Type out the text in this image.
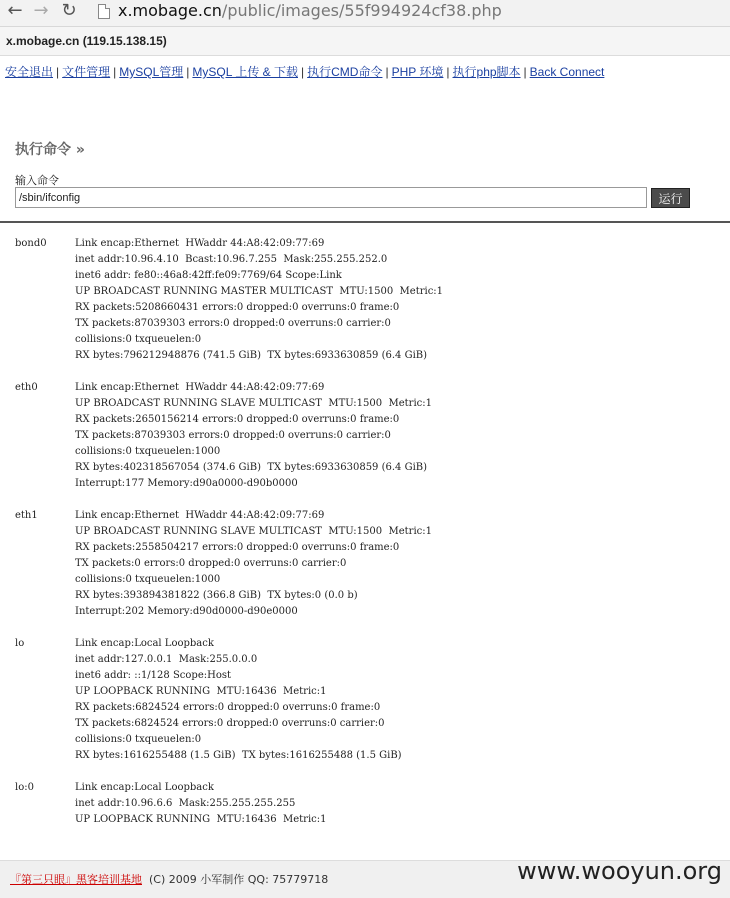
← → ↻	x.mobage.cn/public/images/55f994924cf38.php
x.mobage.cn (119.15.138.15)
安全退出 | 文件管理 | MySQL管理 | MySQL 上传 & 下载 | 执行CMD命令 | PHP 环境 | 执行php脚本 | Back Connect
执行命令 »
输入命令
/sbin/ifconfig
运行
bond0	Link encap:Ethernet  HWaddr 44:A8:42:09:77:69
inet addr:10.96.4.10  Bcast:10.96.7.255  Mask:255.255.252.0
inet6 addr: fe80::46a8:42ff:fe09:7769/64 Scope:Link
UP BROADCAST RUNNING MASTER MULTICAST  MTU:1500  Metric:1
RX packets:5208660431 errors:0 dropped:0 overruns:0 frame:0
TX packets:87039303 errors:0 dropped:0 overruns:0 carrier:0
collisions:0 txqueuelen:0
RX bytes:796212948876 (741.5 GiB)  TX bytes:6933630859 (6.4 GiB)
eth0	Link encap:Ethernet  HWaddr 44:A8:42:09:77:69
UP BROADCAST RUNNING SLAVE MULTICAST  MTU:1500  Metric:1
RX packets:2650156214 errors:0 dropped:0 overruns:0 frame:0
TX packets:87039303 errors:0 dropped:0 overruns:0 carrier:0
collisions:0 txqueuelen:1000
RX bytes:402318567054 (374.6 GiB)  TX bytes:6933630859 (6.4 GiB)
Interrupt:177 Memory:d90a0000-d90b0000
eth1	Link encap:Ethernet  HWaddr 44:A8:42:09:77:69
UP BROADCAST RUNNING SLAVE MULTICAST  MTU:1500  Metric:1
RX packets:2558504217 errors:0 dropped:0 overruns:0 frame:0
TX packets:0 errors:0 dropped:0 overruns:0 carrier:0
collisions:0 txqueuelen:1000
RX bytes:393894381822 (366.8 GiB)  TX bytes:0 (0.0 b)
Interrupt:202 Memory:d90d0000-d90e0000
lo	Link encap:Local Loopback
inet addr:127.0.0.1  Mask:255.0.0.0
inet6 addr: ::1/128 Scope:Host
UP LOOPBACK RUNNING  MTU:16436  Metric:1
RX packets:6824524 errors:0 dropped:0 overruns:0 frame:0
TX packets:6824524 errors:0 dropped:0 overruns:0 carrier:0
collisions:0 txqueuelen:0
RX bytes:1616255488 (1.5 GiB)  TX bytes:1616255488 (1.5 GiB)
lo:0	Link encap:Local Loopback
inet addr:10.96.6.6  Mask:255.255.255.255
UP LOOPBACK RUNNING  MTU:16436  Metric:1
『第三只眼』黑客培训基地 (C) 2009 小军制作 QQ: 75779718	www.wooyun.org
